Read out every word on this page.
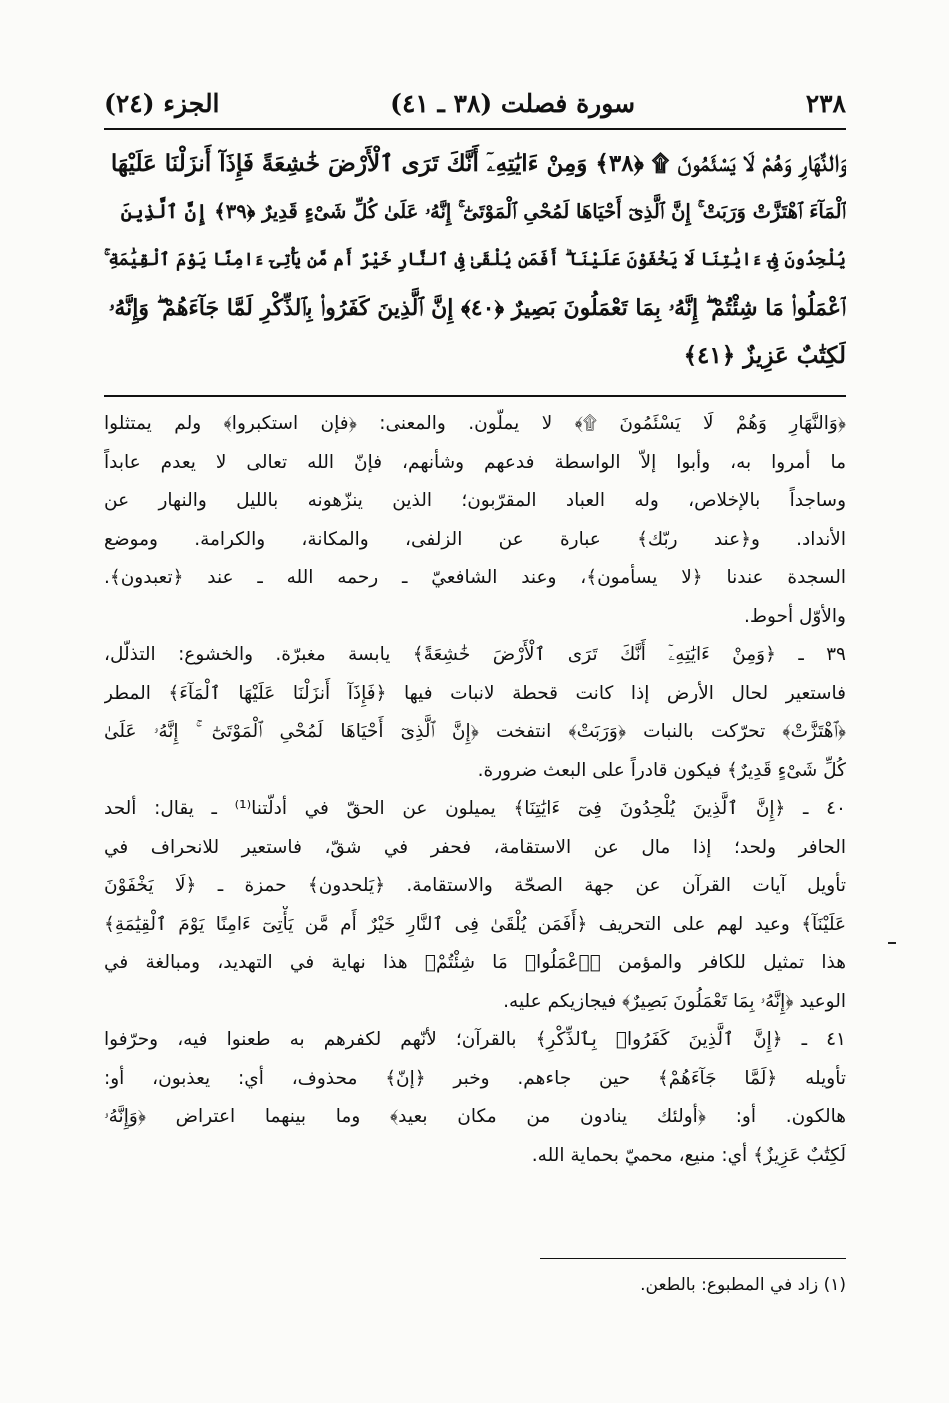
٢٣٨
سورة فصلت (٣٨ ـ ٤١)
الجزء (٢٤)
وَالنَّهَارِ وَهُمْ لَا يَسْئَمُونَ ۩ ﴿٣٨﴾ وَمِنْ ءَايَٰتِهِۦٓ أَنَّكَ تَرَى ٱلْأَرْضَ خَٰشِعَةً فَإِذَآ أَنزَلْنَا عَلَيْهَا
ٱلْمَآءَ ٱهْتَزَّتْ وَرَبَتْ ۚ إِنَّ ٱلَّذِىٓ أَحْيَاهَا لَمُحْىِ ٱلْمَوْتَىٰٓ ۚ إِنَّهُۥ عَلَىٰ كُلِّ شَىْءٍ قَدِيرٌ ﴿٣٩﴾ إِنَّ ٱلَّذِينَ
يُلْحِدُونَ فِىٓ ءَايَٰتِنَا لَا يَخْفَوْنَ عَلَيْنَآ ۗ أَفَمَن يُلْقَىٰ فِى ٱلنَّارِ خَيْرٌ أَم مَّن يَأْتِىٓ ءَامِنًا يَوْمَ ٱلْقِيَٰمَةِ ۚ
ٱعْمَلُوا۟ مَا شِئْتُمْ ۖ إِنَّهُۥ بِمَا تَعْمَلُونَ بَصِيرٌ ﴿٤٠﴾ إِنَّ ٱلَّذِينَ كَفَرُوا۟ بِٱلذِّكْرِ لَمَّا جَآءَهُمْ ۖ وَإِنَّهُۥ
لَكِتَٰبٌ عَزِيزٌ ﴿٤١﴾
﴿وَالنَّهَارِ وَهُمْ لَا يَسْئَمُونَ ۩﴾ لا يملّون. والمعنى: ﴿فإن استكبروا﴾ ولم يمتثلوا
ما أمروا به، وأبوا إلاّ الواسطة فدعهم وشأنهم، فإنّ الله تعالى لا يعدم عابداً
وساجداً بالإخلاص، وله العباد المقرّبون؛ الذين ينزّهونه بالليل والنهار عن
الأنداد. و﴿عند ربّك﴾ عبارة عن الزلفى، والمكانة، والكرامة. وموضع
السجدة عندنا ﴿لا يسأمون﴾، وعند الشافعيّ ـ رحمه الله ـ عند ﴿تعبدون﴾.
والأوّل أحوط.
٣٩ ـ ﴿وَمِنْ ءَايَٰتِهِۦٓ أَنَّكَ تَرَى ٱلْأَرْضَ خَٰشِعَةً﴾ يابسة مغبرّة. والخشوع: التذلّل،
فاستعير لحال الأرض إذا كانت قحطة لانبات فيها ﴿فَإِذَآ أَنزَلْنَا عَلَيْهَا ٱلْمَآءَ﴾ المطر
﴿ٱهْتَزَّتْ﴾ تحرّكت بالنبات ﴿وَرَبَتْ﴾ انتفخت ﴿إِنَّ ٱلَّذِىٓ أَحْيَاهَا لَمُحْىِ ٱلْمَوْتَىٰٓ ۚ إِنَّهُۥ عَلَىٰ
كُلِّ شَىْءٍ قَدِيرٌ﴾ فيكون قادراً على البعث ضرورة.
٤٠ ـ ﴿إِنَّ ٱلَّذِينَ يُلْحِدُونَ فِىٓ ءَايَٰتِنَا﴾ يميلون عن الحقّ في أدلّتنا⁽¹⁾ ـ يقال: ألحد
الحافر ولحد؛ إذا مال عن الاستقامة، فحفر في شقّ، فاستعير للانحراف في
تأويل آيات القرآن عن جهة الصحّة والاستقامة. ﴿يَلحدون﴾ حمزة ـ ﴿لَا يَخْفَوْنَ
عَلَيْنَآ﴾ وعيد لهم على التحريف ﴿أَفَمَن يُلْقَىٰ فِى ٱلنَّارِ خَيْرٌ أَم مَّن يَأْتِىٓ ءَامِنًا يَوْمَ ٱلْقِيَٰمَةِ﴾
هذا تمثيل للكافر والمؤمن ﴿ٱعْمَلُوا۟ مَا شِئْتُمْ﴾ هذا نهاية في التهديد، ومبالغة في
الوعيد ﴿إِنَّهُۥ بِمَا تَعْمَلُونَ بَصِيرٌ﴾ فيجازيكم عليه.
٤١ ـ ﴿إِنَّ ٱلَّذِينَ كَفَرُوا۟ بِٱلذِّكْرِ﴾ بالقرآن؛ لأنّهم لكفرهم به طعنوا فيه، وحرّفوا
تأويله ﴿لَمَّا جَآءَهُمْ﴾ حين جاءهم. وخبر ﴿إنّ﴾ محذوف، أي: يعذبون، أو:
هالكون. أو: ﴿أولئك ينادون من مكان بعيد﴾ وما بينهما اعتراض ﴿وَإِنَّهُۥ
لَكِتَٰبٌ عَزِيزٌ﴾ أي: منيع، محميّ بحماية الله.
(١) زاد في المطبوع: بالطعن.
